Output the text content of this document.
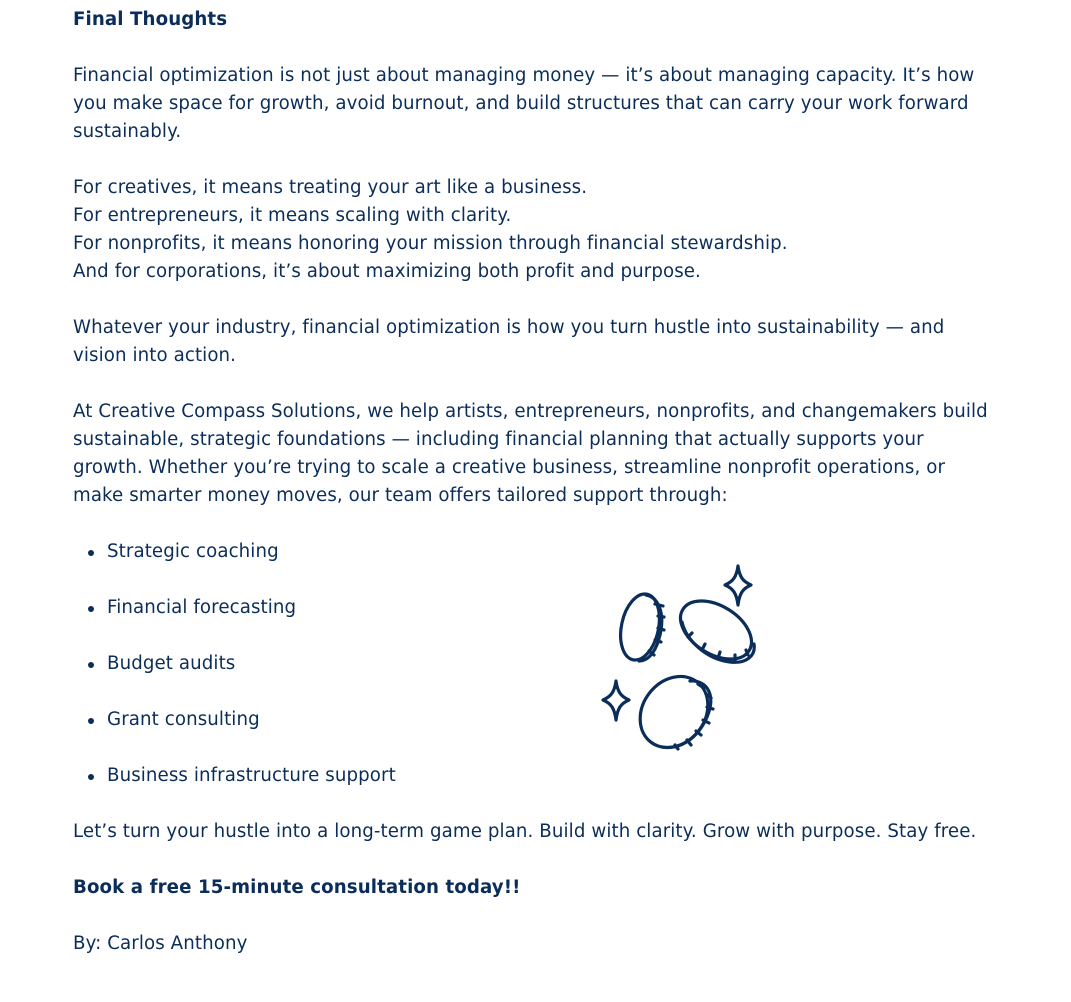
Final Thoughts

Financial optimization is not just about managing money — it’s about managing capacity. It’s how you make space for growth, avoid burnout, and build structures that can carry your work forward sustainably.

For creatives, it means treating your art like a business.
For entrepreneurs, it means scaling with clarity.
For nonprofits, it means honoring your mission through financial stewardship.
And for corporations, it’s about maximizing both profit and purpose.

Whatever your industry, financial optimization is how you turn hustle into sustainability — and vision into action.

At Creative Compass Solutions, we help artists, entrepreneurs, nonprofits, and changemakers build sustainable, strategic foundations — including financial planning that actually supports your growth. Whether you’re trying to scale a creative business, streamline nonprofit operations, or make smarter money moves, our team offers tailored support through:

Strategic coaching
Financial forecasting
Budget audits
Grant consulting
Business infrastructure support

Let’s turn your hustle into a long-term game plan. Build with clarity. Grow with purpose. Stay free.

Book a free 15-minute consultation today!!

By: Carlos Anthony
